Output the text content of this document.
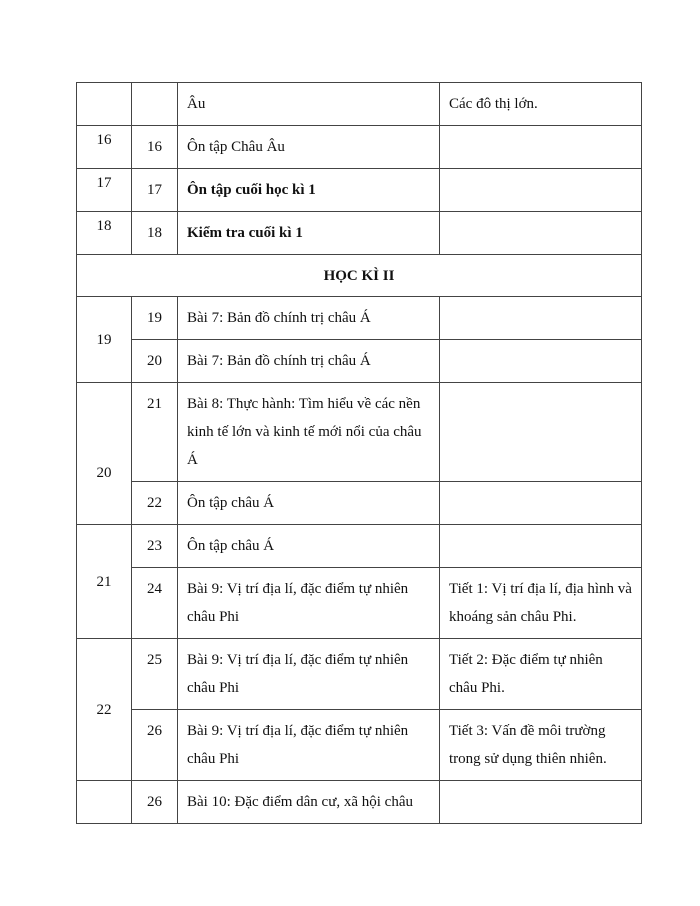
		Âu	Các đô thị lớn.
16	16	Ôn tập Châu Âu	
17	17	Ôn tập cuối học kì 1	
18	18	Kiểm tra cuối kì 1	
HỌC KÌ II			
19	19	Bài 7: Bản đồ chính trị châu Á	
	20	Bài 7: Bản đồ chính trị châu Á	
20	21	Bài 8: Thực hành: Tìm hiểu về các nền kinh tế lớn và kinh tế mới nổi của châu Á	
	22	Ôn tập châu Á	
21	23	Ôn tập châu Á	
	24	Bài 9: Vị trí địa lí, đặc điểm tự nhiên châu Phi	Tiết 1: Vị trí địa lí, địa hình và khoáng sản châu Phi.
22	25	Bài 9: Vị trí địa lí, đặc điểm tự nhiên châu Phi	Tiết 2: Đặc điểm tự nhiên châu Phi.
	26	Bài 9: Vị trí địa lí, đặc điểm tự nhiên châu Phi	Tiết 3: Vấn đề môi trường trong sử dụng thiên nhiên.
	26	Bài 10: Đặc điểm dân cư, xã hội châu	
